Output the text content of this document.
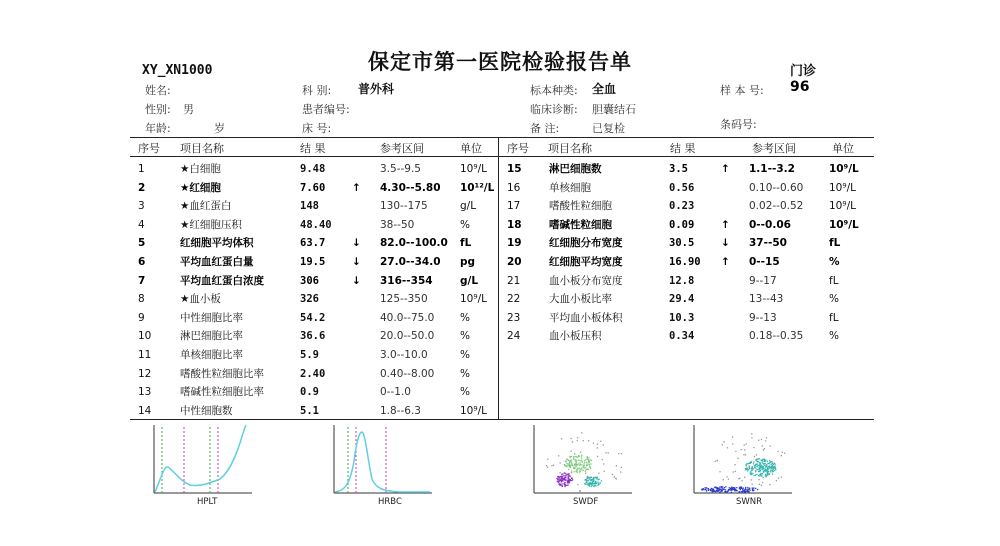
保定市第一医院检验报告单
XY_XN1000	门诊
姓名:
性别: 男
年龄:	岁
科 别: 普外科
患者编号:
床 号:
标本种类: 全血
临床诊断: 胆囊结石
备 注:	已复检
样 本 号: 96
条码号:
序号 项目名称	结 果	参考区间	单位 序号 项目名称	结 果	参考区间	单位
1	★白细胞	9.48	3.5--9.5	10⁹/L
2	★红细胞	7.60	↑ 4.30--5.80 10¹²/L
3	★血红蛋白	148	130--175	g/L
4	★红细胞压积	48.40	38--50	%
5	红细胞平均体积	63.7	↓ 82.0--100.0 fL
6	平均血红蛋白量	19.5	↓ 27.0--34.0 pg
7	平均血红蛋白浓度	306	↓ 316--354	g/L
8	★血小板	326	125--350	10⁹/L
9	中性细胞比率	54.2	40.0--75.0 %
10	淋巴细胞比率	36.6	20.0--50.0 %
11	单核细胞比率	5.9	3.0--10.0	%
12	嗜酸性粒细胞比率	2.40	0.40--8.00 %
13	嗜碱性粒细胞比率	0.9	0--1.0	%
14	中性细胞数	5.1	1.8--6.3	10⁹/L
15	淋巴细胞数	3.5	↑ 1.1--3.2	10⁹/L
16	单核细胞	0.56	0.10--0.60 10⁹/L
17	嗜酸性粒细胞	0.23	0.02--0.52 10⁹/L
18	嗜碱性粒细胞	0.09	↑ 0--0.06	10⁹/L
19	红细胞分布宽度	30.5	↓ 37--50	fL
20	红细胞平均宽度	16.90 ↑ 0--15	%
21	血小板分布宽度	12.8	9--17	fL
22	大血小板比率	29.4	13--43	%
23	平均血小板体积	10.3	9--13	fL
24	血小板压积	0.34	0.18--0.35 %
HPLT	HRBC	SWDF	SWNR
